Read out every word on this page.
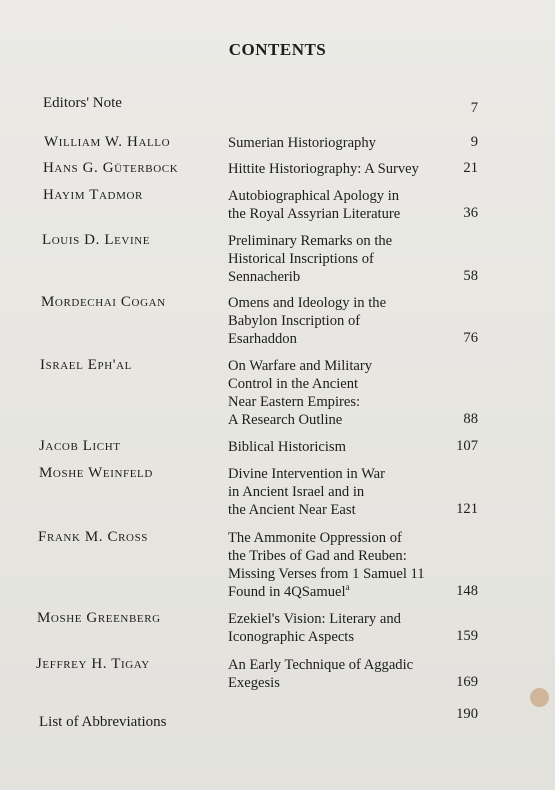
CONTENTS
Editors' Note	7
William W. Hallo	Sumerian Historiography	9
Hans G. Güterbock	Hittite Historiography: A Survey	21
Hayim Tadmor	Autobiographical Apology in
the Royal Assyrian Literature	36
Louis D. Levine	Preliminary Remarks on the
Historical Inscriptions of
Sennacherib	58
Mordechai Cogan	Omens and Ideology in the
Babylon Inscription of
Esarhaddon	76
Israel Eph'al	On Warfare and Military
Control in the Ancient
Near Eastern Empires:
A Research Outline	88
Jacob Licht	Biblical Historicism	107
Moshe Weinfeld	Divine Intervention in War
in Ancient Israel and in
the Ancient Near East	121
Frank M. Cross	The Ammonite Oppression of
the Tribes of Gad and Reuben:
Missing Verses from 1 Samuel 11
Found in 4QSamuel$^a$	148
Moshe Greenberg	Ezekiel's Vision: Literary and
Iconographic Aspects	159
Jeffrey H. Tigay	An Early Technique of Aggadic
Exegesis	169
List of Abbreviations	190
